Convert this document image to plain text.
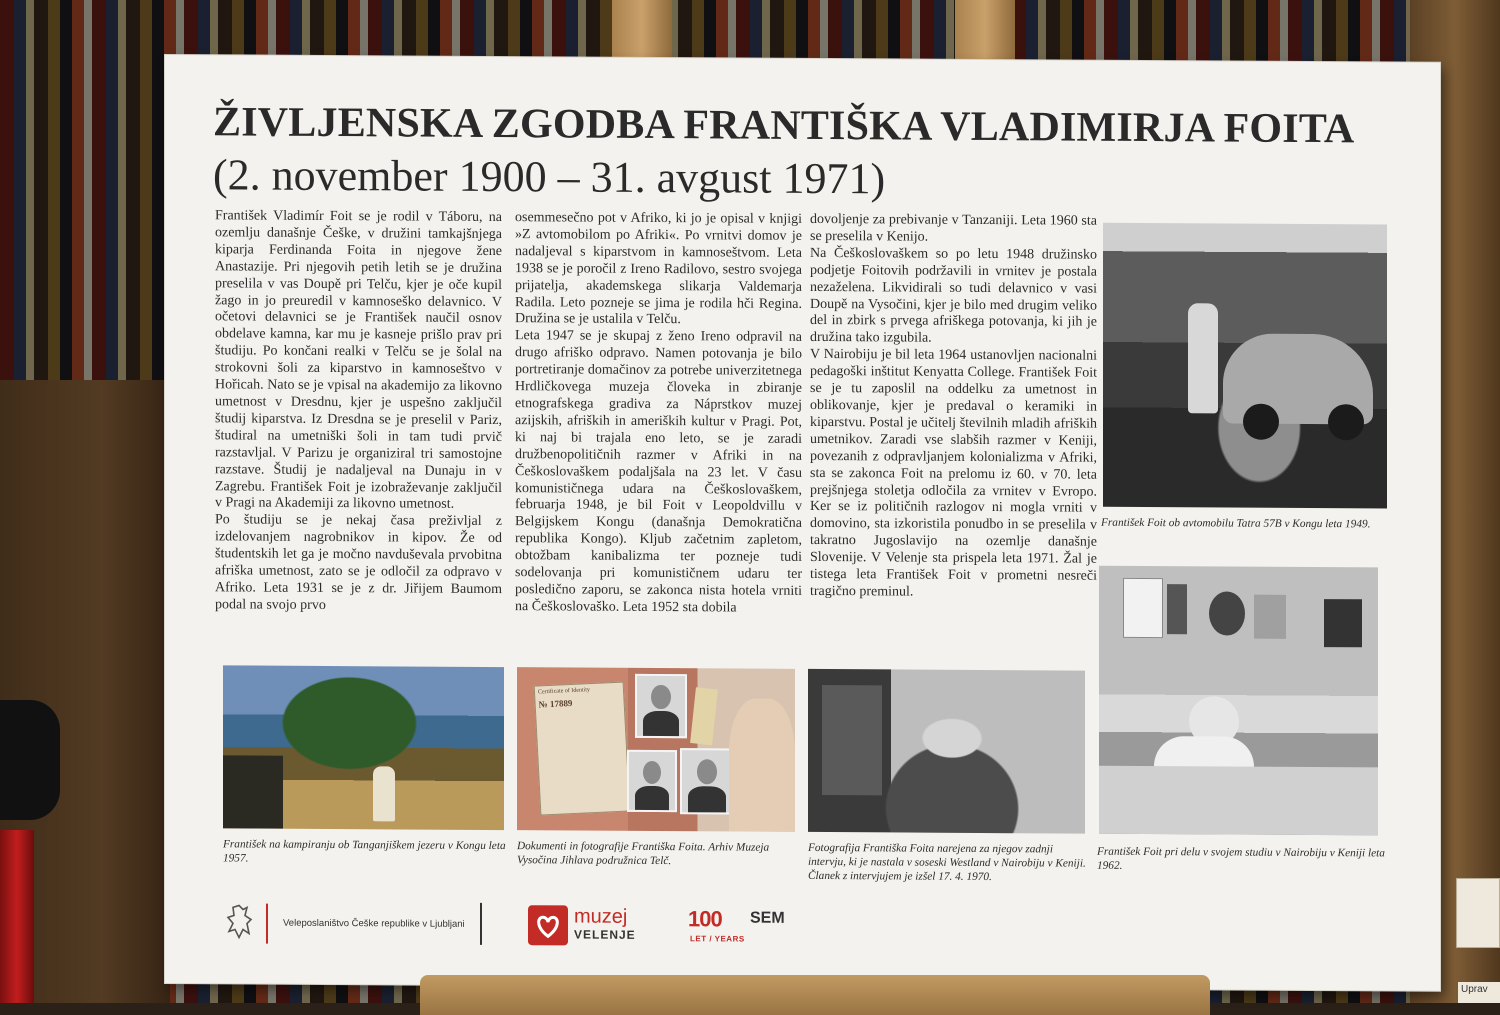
Uprav
ŽIVLJENSKA ZGODBA FRANTIŠKA VLADIMIRJA FOITA
(2. november 1900 – 31. avgust 1971)

František Vladimír Foit se je rodil v Táboru, na ozemlju današnje Češke, v družini tamkajšnjega kiparja Ferdinanda Foita in njegove žene Anastazije. Pri njegovih petih letih se je družina preselila v vas Doupě pri Telču, kjer je oče kupil žago in jo preuredil v kamnoseško delavnico. V očetovi delavnici se je František naučil osnov obdelave kamna, kar mu je kasneje prišlo prav pri študiju. Po končani realki v Telču se je šolal na strokovni šoli za kiparstvo in kamnoseštvo v Hořicah. Nato se je vpisal na akademijo za likovno umetnost v Dresdnu, kjer je uspešno zaključil študij kiparstva. Iz Dresdna se je preselil v Pariz, študiral na umetniški šoli in tam tudi prvič razstavljal. V Parizu je organiziral tri samostojne razstave. Študij je nadaljeval na Dunaju in v Zagrebu. František Foit je izobraževanje zaključil v Pragi na Akademiji za likovno umetnost.

Po študiju se je nekaj časa preživljal z izdelovanjem nagrobnikov in kipov. Že od študentskih let ga je močno navduševala prvobitna afriška umetnost, zato se je odločil za odpravo v Afriko. Leta 1931 se je z dr. Jiřijem Baumom podal na svojo prvo

osemmesečno pot v Afriko, ki jo je opisal v knjigi »Z avtomobilom po Afriki«. Po vrnitvi domov je nadaljeval s kiparstvom in kamnoseštvom. Leta 1938 se je poročil z Ireno Radilovo, sestro svojega prijatelja, akademskega slikarja Valdemarja Radila. Leto pozneje se jima je rodila hči Regina. Družina se je ustalila v Telču.

Leta 1947 se je skupaj z ženo Ireno odpravil na drugo afriško odpravo. Namen potovanja je bilo portretiranje domačinov za potrebe univerzitetnega Hrdličkovega muzeja človeka in zbiranje etnografskega gradiva za Náprstkov muzej azijskih, afriških in ameriških kultur v Pragi. Pot, ki naj bi trajala eno leto, se je zaradi družbenopolitičnih razmer v Afriki in na Češkoslovaškem podaljšala na 23 let. V času komunističnega udara na Češkoslovaškem, februarja 1948, je bil Foit v Leopoldvillu v Belgijskem Kongu (današnja Demokratična republika Kongo). Kljub začetnim zapletom, obtožbam kanibalizma ter pozneje tudi sodelovanja pri komunističnem udaru ter posledično zaporu, se zakonca nista hotela vrniti na Češkoslovaško. Leta 1952 sta dobila

dovoljenje za prebivanje v Tanzaniji. Leta 1960 sta se preselila v Kenijo.

Na Češkoslovaškem so po letu 1948 družinsko podjetje Foitovih podržavili in vrnitev je postala nezaželena. Likvidirali so tudi delavnico v vasi Doupě na Vysočini, kjer je bilo med drugim veliko del in zbirk s prvega afriškega potovanja, ki jih je družina tako izgubila.

V Nairobiju je bil leta 1964 ustanovljen nacionalni pedagoški inštitut Kenyatta College. František Foit se je tu zaposlil na oddelku za umetnost in oblikovanje, kjer je predaval o keramiki in kiparstvu. Postal je učitelj številnih mladih afriških umetnikov. Zaradi vse slabših razmer v Keniji, povezanih z odpravljanjem kolonializma v Afriki, sta se zakonca Foit na prelomu iz 60. v 70. leta prejšnjega stoletja odločila za vrnitev v Evropo. Ker se iz političnih razlogov ni mogla vrniti v domovino, sta izkoristila ponudbo in se preselila v takratno Jugoslavijo na ozemlje današnje Slovenije. V Velenje sta prispela leta 1971. Žal je tistega leta František Foit v prometni nesreči tragično preminul.

František Foit ob avtomobilu Tatra 57B v Kongu leta 1949.
František Foit pri delu v svojem studiu v Nairobiju v Keniji leta 1962.
František na kampiranju ob Tanganjiškem jezeru v Kongu leta 1957.
Certificate of Identity
№ 17889
Dokumenti in fotografije Františka Foita. Arhiv Muzeja Vysočina Jihlava podružnica Telč.
Fotografija Františka Foita narejena za njegov zadnji intervju, ki je nastala v soseski Westland v Nairobiju v Keniji. Članek z intervjujem je izšel 17. 4. 1970.
Veleposlaništvo Češke republike v Ljubljani	muzej
VELENJE
100 SEM
LET / YEARS
